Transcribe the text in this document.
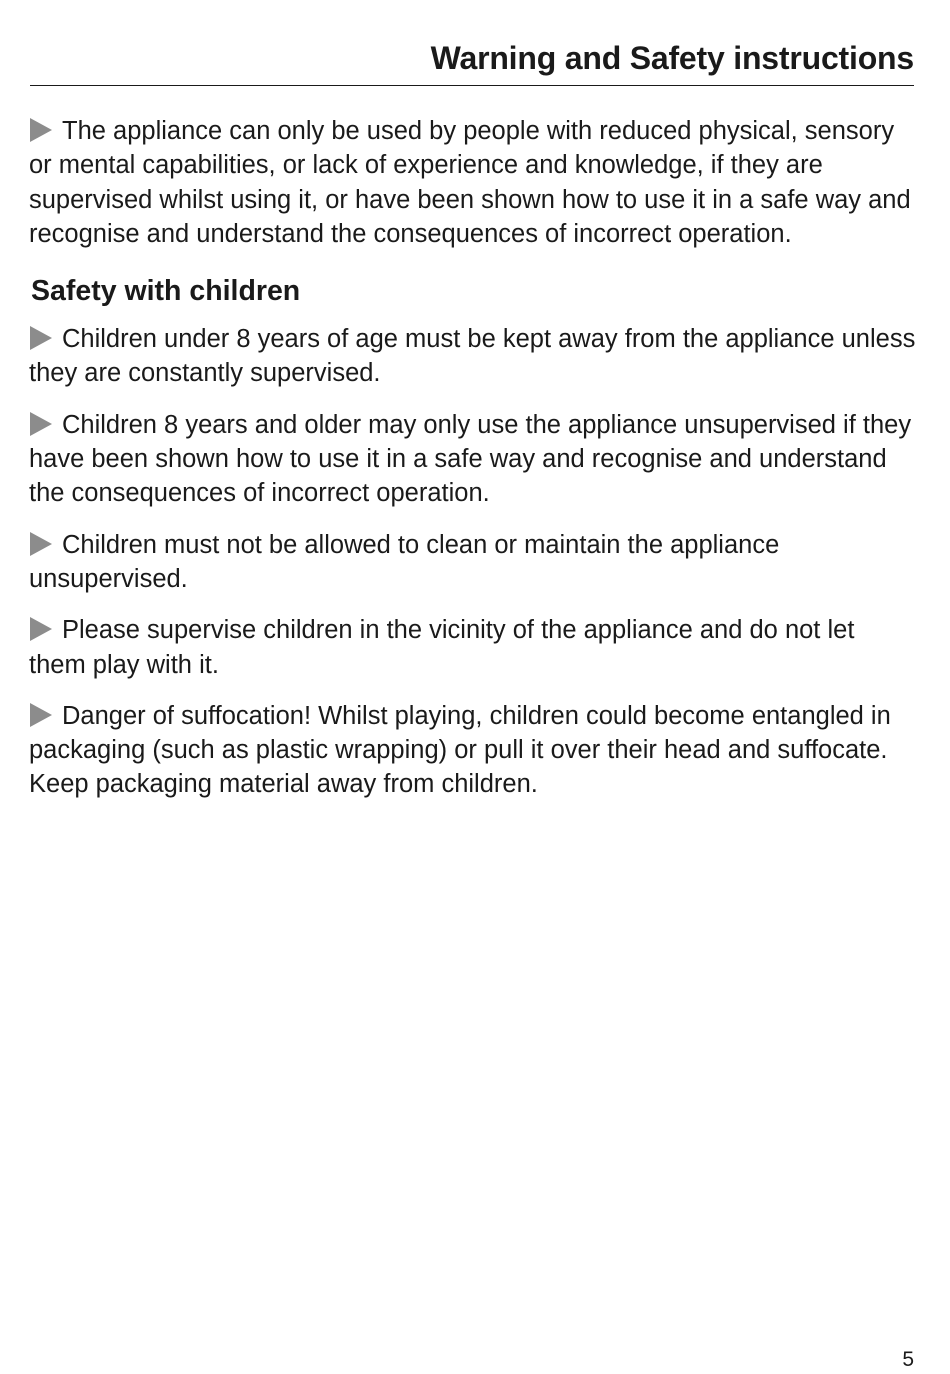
Warning and Safety instructions

The appliance can only be used by people with reduced physical, sensory or mental capabilities, or lack of experience and knowledge, if they are supervised whilst using it, or have been shown how to use it in a safe way and recognise and understand the consequences of incorrect operation.

Safety with children

Children under 8 years of age must be kept away from the appliance unless they are constantly supervised.

Children 8 years and older may only use the appliance unsupervised if they have been shown how to use it in a safe way and recognise and understand the consequences of incorrect operation.

Children must not be allowed to clean or maintain the appliance unsupervised.

Please supervise children in the vicinity of the appliance and do not let them play with it.

Danger of suffocation! Whilst playing, children could become entangled in packaging (such as plastic wrapping) or pull it over their head and suffocate. Keep packaging material away from children.

5
